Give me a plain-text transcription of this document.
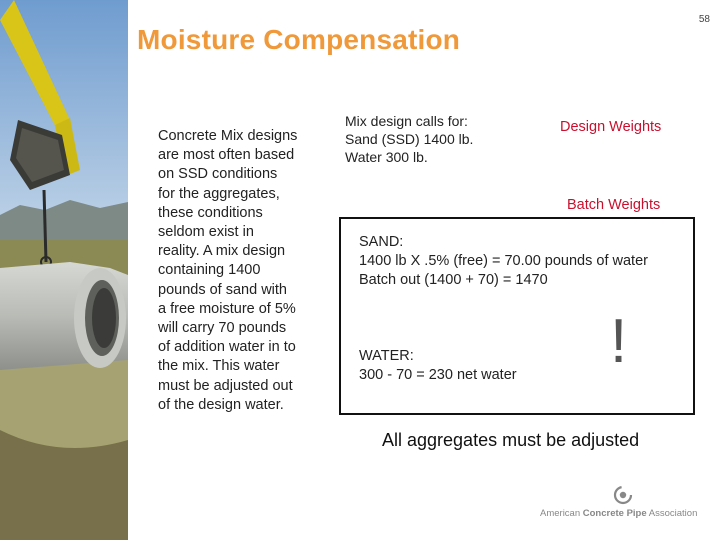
58
Moisture Compensation
Concrete Mix designs are most often based on SSD conditions for the aggregates, these conditions seldom exist in reality. A mix design containing 1400 pounds of sand with a free moisture of 5% will carry 70 pounds of addition water in to the mix. This water must be adjusted out of the design water.
Mix design calls for:
Sand (SSD) 1400 lb.
Water 300 lb.
Design Weights
Batch Weights
SAND:
1400 lb X .5% (free) = 70.00 pounds of water
Batch out (1400 + 70) = 1470
!
WATER:
300 - 70 = 230 net water
All aggregates must be adjusted
American Concrete Pipe Association
